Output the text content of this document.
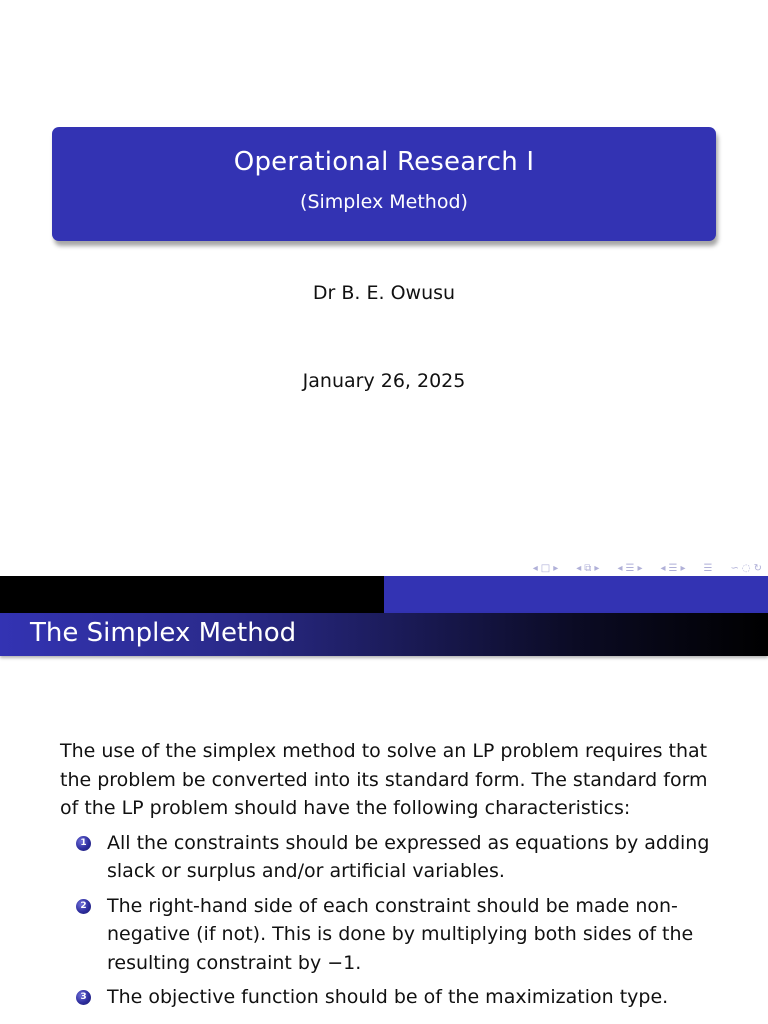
Operational Research I
(Simplex Method)
Dr B. E. Owusu
January 26, 2025
◂ □ ▸ ◂ ⧉ ▸ ◂ ☰ ▸ ◂ ☰ ▸ ☰ ∽ ◌ ↻
The Simplex Method

The use of the simplex method to solve an LP problem requires that the problem be converted into its standard form. The standard form of the LP problem should have the following characteristics:

1 All the constraints should be expressed as equations by adding slack or surplus and/or artificial variables.
2 The right-hand side of each constraint should be made non-negative (if not). This is done by multiplying both sides of the resulting constraint by −1.
3 The objective function should be of the maximization type.
